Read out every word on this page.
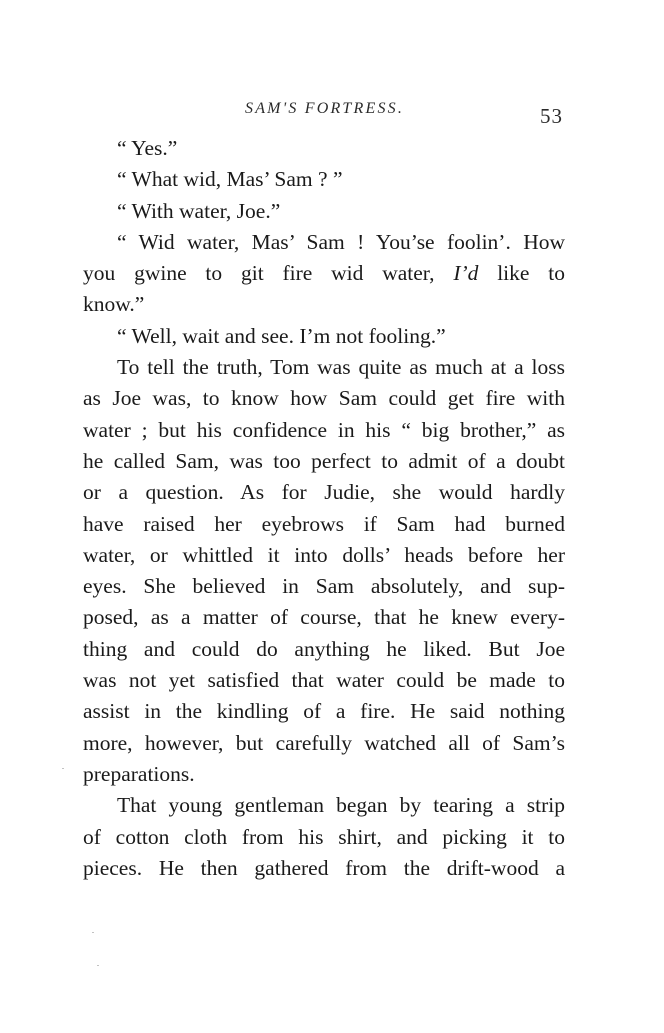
SAM'S FORTRESS.	53
“ Yes.”
“ What wid, Mas’ Sam ? ”
“ With water, Joe.”
“ Wid water, Mas’ Sam ! You’se foolin’. How
you gwine to git fire wid water, I’d like to
know.”
“ Well, wait and see. I’m not fooling.”
To tell the truth, Tom was quite as much at a loss
as Joe was, to know how Sam could get fire with
water ; but his confidence in his “ big brother,” as
he called Sam, was too perfect to admit of a doubt
or a question. As for Judie, she would hardly
have raised her eyebrows if Sam had burned
water, or whittled it into dolls’ heads before her
eyes. She believed in Sam absolutely, and sup-
posed, as a matter of course, that he knew every-
thing and could do anything he liked. But Joe
was not yet satisfied that water could be made to
assist in the kindling of a fire. He said nothing
more, however, but carefully watched all of Sam’s
preparations.
That young gentleman began by tearing a strip
of cotton cloth from his shirt, and picking it to
pieces. He then gathered from the drift-wood a
